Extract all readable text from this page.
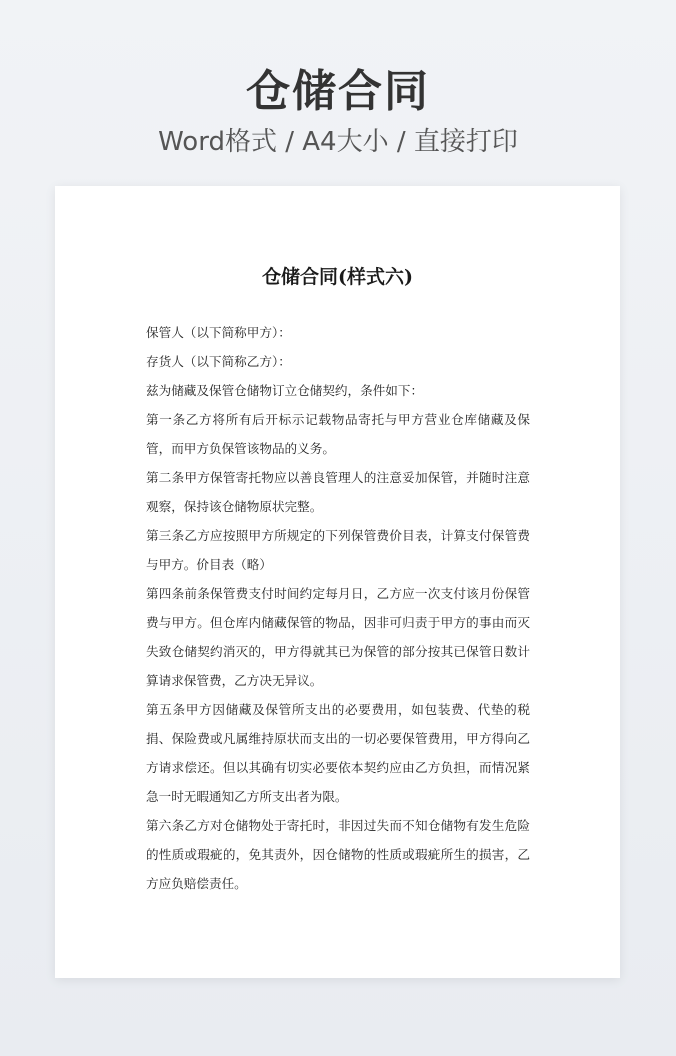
仓储合同
Word格式 / A4大小 / 直接打印
仓储合同(样式六)

保管人（以下简称甲方）：

存货人（以下简称乙方）：

兹为储藏及保管仓储物订立仓储契约，条件如下：

第一条乙方将所有后开标示记载物品寄托与甲方营业仓库储藏及保管，而甲方负保管该物品的义务。

第二条甲方保管寄托物应以善良管理人的注意妥加保管，并随时注意观察，保持该仓储物原状完整。

第三条乙方应按照甲方所规定的下列保管费价目表，计算支付保管费与甲方。价目表（略）

第四条前条保管费支付时间约定每月日，乙方应一次支付该月份保管费与甲方。但仓库内储藏保管的物品，因非可归责于甲方的事由而灭失致仓储契约消灭的，甲方得就其已为保管的部分按其已保管日数计算请求保管费，乙方决无异议。

第五条甲方因储藏及保管所支出的必要费用，如包装费、代垫的税捐、保险费或凡属维持原状而支出的一切必要保管费用，甲方得向乙方请求偿还。但以其确有切实必要依本契约应由乙方负担，而情况紧急一时无暇通知乙方所支出者为限。

第六条乙方对仓储物处于寄托时，非因过失而不知仓储物有发生危险的性质或瑕疵的，免其责外，因仓储物的性质或瑕疵所生的损害，乙方应负赔偿责任。
